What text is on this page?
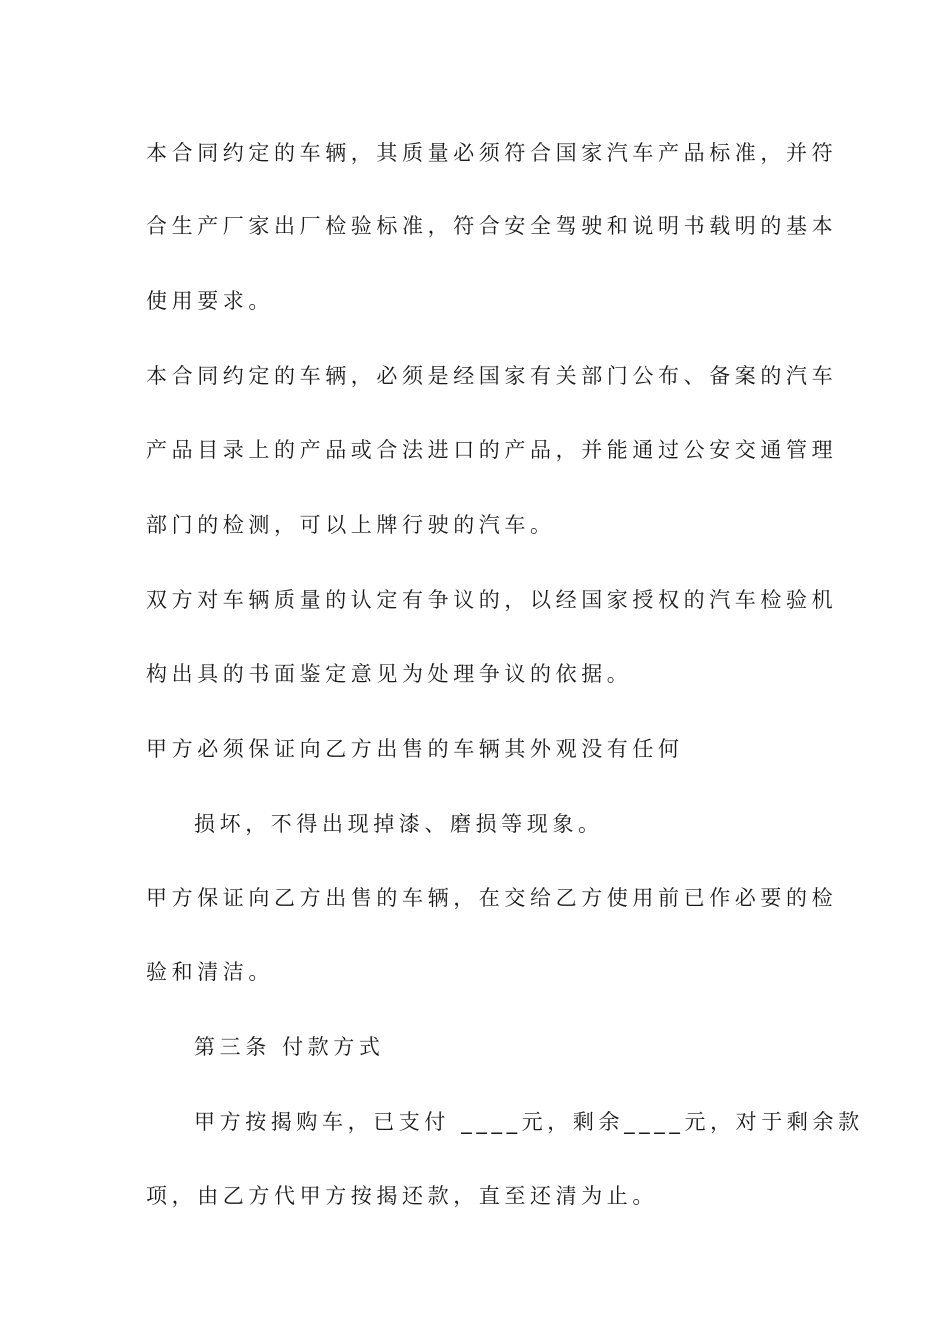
本合同约定的车辆，其质量必须符合国家汽车产品标准，并符
合生产厂家出厂检验标准，符合安全驾驶和说明书载明的基本
使用要求。
本合同约定的车辆，必须是经国家有关部门公布、备案的汽车
产品目录上的产品或合法进口的产品，并能通过公安交通管理
部门的检测，可以上牌行驶的汽车。
双方对车辆质量的认定有争议的，以经国家授权的汽车检验机
构出具的书面鉴定意见为处理争议的依据。
甲方必须保证向乙方出售的车辆其外观没有任何
损坏，不得出现掉漆、磨损等现象。
甲方保证向乙方出售的车辆，在交给乙方使用前已作必要的检
验和清洁。
第三条 付款方式
甲方按揭购车，已支付 ____元，剩余____元，对于剩余款
项，由乙方代甲方按揭还款，直至还清为止。
